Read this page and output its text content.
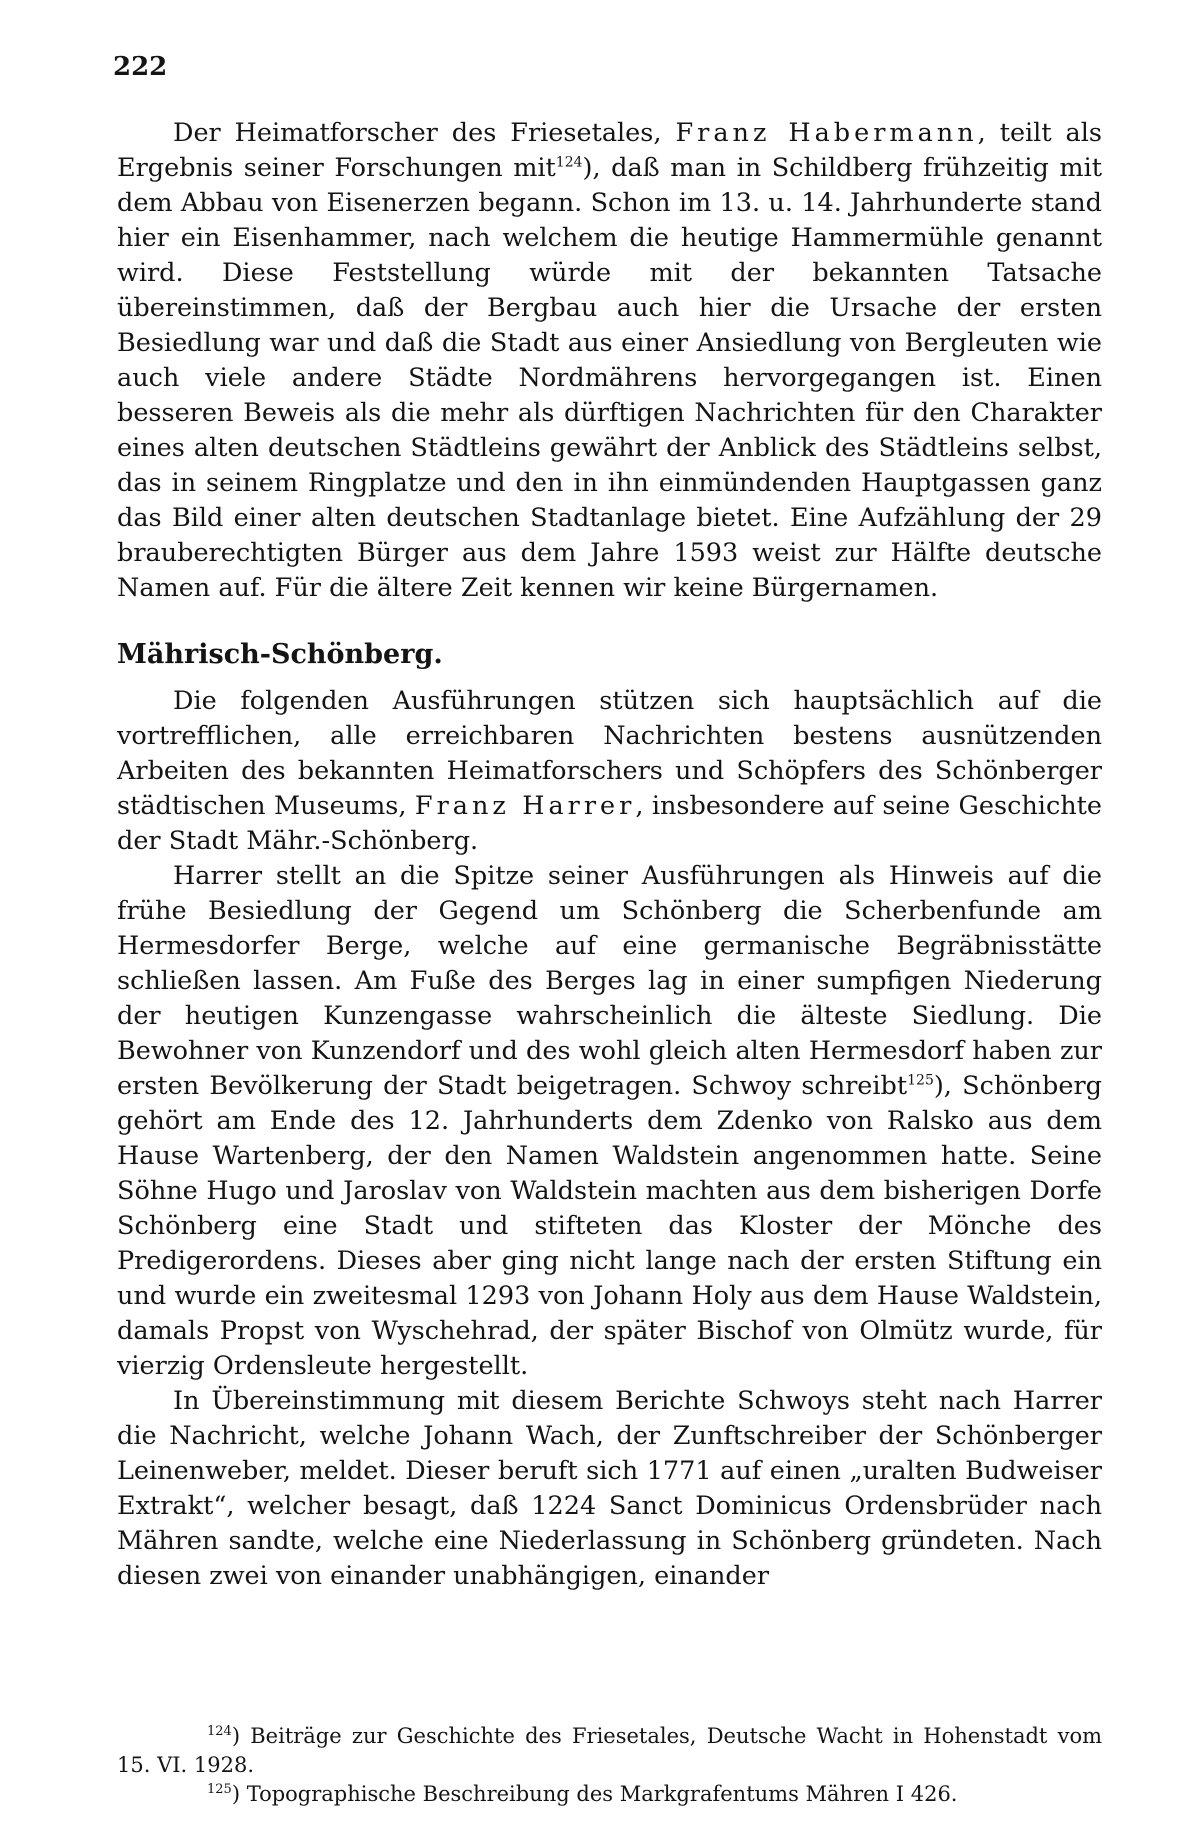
222

Der Heimatforscher des Friesetales, Franz Habermann, teilt als Ergebnis seiner Forschungen mit$^{124}$), daß man in Schildberg frühzeitig mit dem Abbau von Eisenerzen begann. Schon im 13. u. 14. Jahrhunderte stand hier ein Eisenhammer, nach welchem die heutige Hammermühle genannt wird. Diese Feststellung würde mit der bekannten Tatsache übereinstimmen, daß der Bergbau auch hier die Ursache der ersten Besiedlung war und daß die Stadt aus einer Ansiedlung von Bergleuten wie auch viele andere Städte Nordmährens hervorgegangen ist. Einen besseren Beweis als die mehr als dürftigen Nachrichten für den Charakter eines alten deutschen Städtleins gewährt der Anblick des Städtleins selbst, das in seinem Ringplatze und den in ihn einmündenden Hauptgassen ganz das Bild einer alten deutschen Stadtanlage bietet. Eine Aufzählung der 29 brauberechtigten Bürger aus dem Jahre 1593 weist zur Hälfte deutsche Namen auf. Für die ältere Zeit kennen wir keine Bürgernamen.

Mährisch-Schönberg.

Die folgenden Ausführungen stützen sich hauptsächlich auf die vortrefflichen, alle erreichbaren Nachrichten bestens ausnützenden Arbeiten des bekannten Heimatforschers und Schöpfers des Schönberger städtischen Museums, Franz Harrer, insbesondere auf seine Geschichte der Stadt Mähr.-Schönberg.

Harrer stellt an die Spitze seiner Ausführungen als Hinweis auf die frühe Besiedlung der Gegend um Schönberg die Scherbenfunde am Hermesdorfer Berge, welche auf eine germanische Begräbnisstätte schließen lassen. Am Fuße des Berges lag in einer sumpfigen Niederung der heutigen Kunzengasse wahrscheinlich die älteste Siedlung. Die Bewohner von Kunzendorf und des wohl gleich alten Hermesdorf haben zur ersten Bevölkerung der Stadt beigetragen. Schwoy schreibt$^{125}$), Schönberg gehört am Ende des 12. Jahrhunderts dem Zdenko von Ralsko aus dem Hause Wartenberg, der den Namen Waldstein angenommen hatte. Seine Söhne Hugo und Jaroslav von Waldstein machten aus dem bisherigen Dorfe Schönberg eine Stadt und stifteten das Kloster der Mönche des Predigerordens. Dieses aber ging nicht lange nach der ersten Stiftung ein und wurde ein zweitesmal 1293 von Johann Holy aus dem Hause Waldstein, damals Propst von Wyschehrad, der später Bischof von Olmütz wurde, für vierzig Ordensleute hergestellt.

In Übereinstimmung mit diesem Berichte Schwoys steht nach Harrer die Nachricht, welche Johann Wach, der Zunftschreiber der Schönberger Leinenweber, meldet. Dieser beruft sich 1771 auf einen „uralten Budweiser Extrakt“, welcher besagt, daß 1224 Sanct Dominicus Ordensbrüder nach Mähren sandte, welche eine Niederlassung in Schönberg gründeten. Nach diesen zwei von einander unabhängigen, einander

$^{124}$) Beiträge zur Geschichte des Friesetales, Deutsche Wacht in Hohenstadt vom 15. VI. 1928.

$^{125}$) Topographische Beschreibung des Markgrafentums Mähren I 426.
